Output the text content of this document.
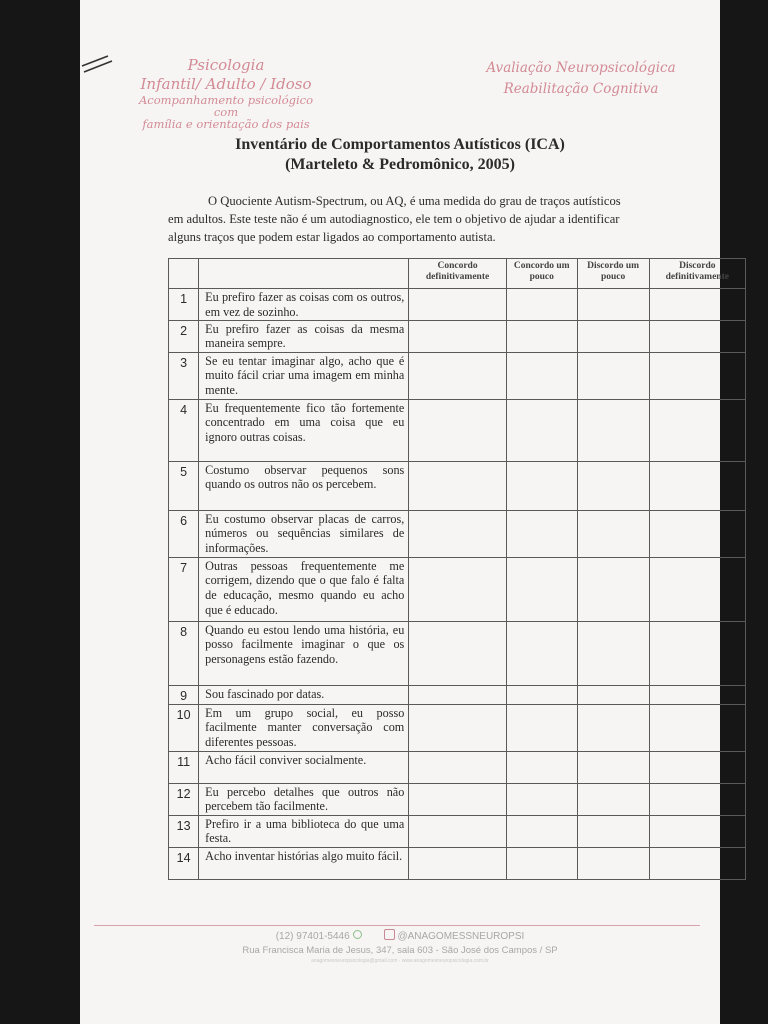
Psicologia
Infantil/ Adulto / Idoso
Acompanhamento psicológico com
família e orientação dos pais
Avaliação Neuropsicológica
Reabilitação Cognitiva
Inventário de Comportamentos Autísticos (ICA)
(Marteleto & Pedromônico, 2005)
O Quociente Autism-Spectrum, ou AQ, é uma medida do grau de traços autísticos em adultos. Este teste não é um autodiagnostico, ele tem o objetivo de ajudar a identificar alguns traços que podem estar ligados ao comportamento autista.
		Concordo definitivamente	Concordo um pouco	Discordo um pouco	Discordo definitivamente
1	Eu prefiro fazer as coisas com os outros, em vez de sozinho.				
2	Eu prefiro fazer as coisas da mesma maneira sempre.				
3	Se eu tentar imaginar algo, acho que é muito fácil criar uma imagem em minha mente.				
4	Eu frequentemente fico tão fortemente concentrado em uma coisa que eu ignoro outras coisas.				
5	Costumo observar pequenos sons quando os outros não os percebem.				
6	Eu costumo observar placas de carros, números ou sequências similares de informações.				
7	Outras pessoas frequentemente me corrigem, dizendo que o que falo é falta de educação, mesmo quando eu acho que é educado.				
8	Quando eu estou lendo uma história, eu posso facilmente imaginar o que os personagens estão fazendo.				
9	Sou fascinado por datas.				
10	Em um grupo social, eu posso facilmente manter conversação com diferentes pessoas.				
11	Acho fácil conviver socialmente.				
12	Eu percebo detalhes que outros não percebem tão facilmente.				
13	Prefiro ir a uma biblioteca do que uma festa.				
14	Acho inventar histórias algo muito fácil.				
(12) 97401-5446	@ANAGOMESSNEUROPSI
Rua Francisca Maria de Jesus, 347, sala 603 - São José dos Campos / SP
anagomesneuropsicologia@gmail.com · www.anagomesneuropsicologia.com.br
